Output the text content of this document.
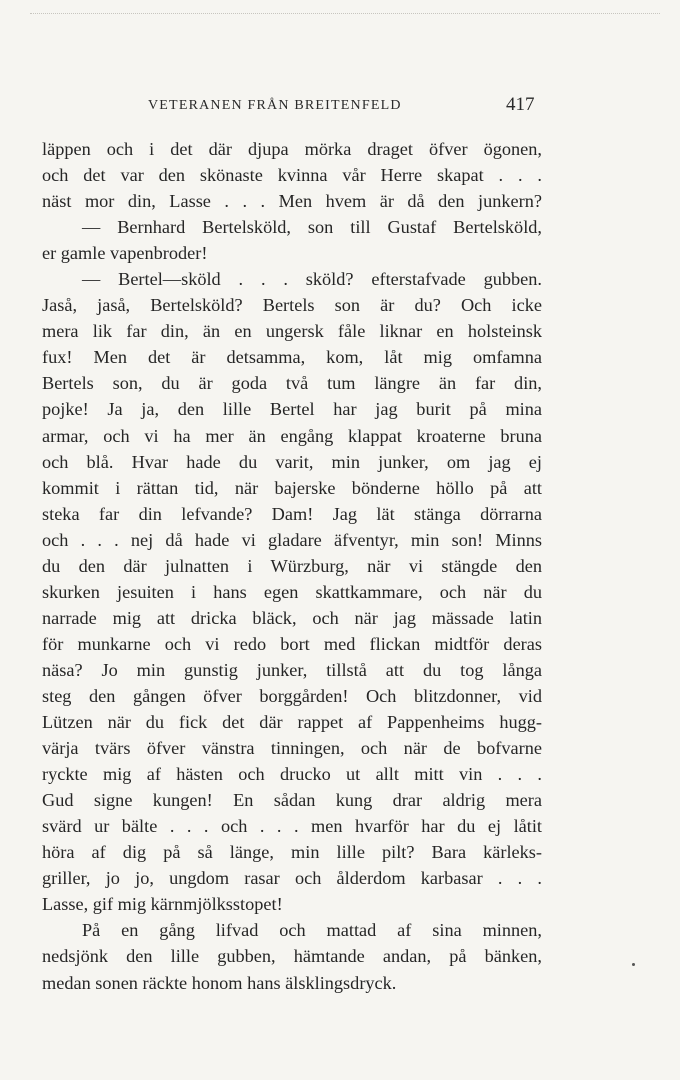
VETERANEN FRÅN BREITENFELD	417
läppen och i det där djupa mörka draget öfver ögonen,
och det var den skönaste kvinna vår Herre skapat . . .
näst mor din, Lasse . . . Men hvem är då den junkern?
— Bernhard Bertelsköld, son till Gustaf Bertelsköld,
er gamle vapenbroder!
— Bertel—sköld . . . sköld? efterstafvade gubben.
Jaså, jaså, Bertelsköld? Bertels son är du? Och icke
mera lik far din, än en ungersk fåle liknar en holsteinsk
fux! Men det är detsamma, kom, låt mig omfamna
Bertels son, du är goda två tum längre än far din,
pojke! Ja ja, den lille Bertel har jag burit på mina
armar, och vi ha mer än engång klappat kroaterne bruna
och blå. Hvar hade du varit, min junker, om jag ej
kommit i rättan tid, när bajerske bönderne höllo på att
steka far din lefvande? Dam! Jag lät stänga dörrarna
och . . . nej då hade vi gladare äfventyr, min son! Minns
du den där julnatten i Würzburg, när vi stängde den
skurken jesuiten i hans egen skattkammare, och när du
narrade mig att dricka bläck, och när jag mässade latin
för munkarne och vi redo bort med flickan midtför deras
näsa? Jo min gunstig junker, tillstå att du tog långa
steg den gången öfver borggården! Och blitzdonner, vid
Lützen när du fick det där rappet af Pappenheims hugg-
värja tvärs öfver vänstra tinningen, och när de bofvarne
ryckte mig af hästen och drucko ut allt mitt vin . . .
Gud signe kungen! En sådan kung drar aldrig mera
svärd ur bälte . . . och . . . men hvarför har du ej låtit
höra af dig på så länge, min lille pilt? Bara kärleks-
griller, jo jo, ungdom rasar och ålderdom karbasar . . .
Lasse, gif mig kärnmjölksstopet!
På en gång lifvad och mattad af sina minnen,
nedsjönk den lille gubben, hämtande andan, på bänken,
medan sonen räckte honom hans älsklingsdryck.
